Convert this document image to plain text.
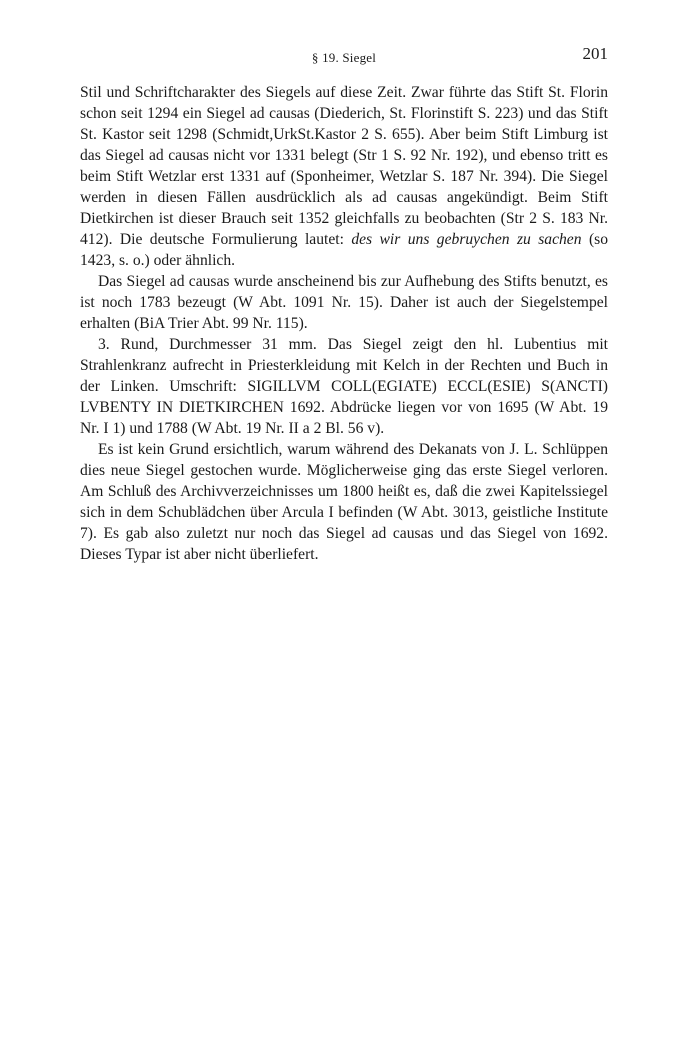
§ 19. Siegel	201

Stil und Schriftcharakter des Siegels auf diese Zeit. Zwar führte das Stift St. Florin schon seit 1294 ein Siegel ad causas (Diederich, St. Florinstift S. 223) und das Stift St. Kastor seit 1298 (Schmidt,UrkSt.Kastor 2 S. 655). Aber beim Stift Limburg ist das Siegel ad causas nicht vor 1331 belegt (Str 1 S. 92 Nr. 192), und ebenso tritt es beim Stift Wetzlar erst 1331 auf (Sponheimer, Wetzlar S. 187 Nr. 394). Die Siegel werden in diesen Fällen ausdrücklich als ad causas angekündigt. Beim Stift Dietkirchen ist dieser Brauch seit 1352 gleichfalls zu beobachten (Str 2 S. 183 Nr. 412). Die deutsche Formulierung lautet: des wir uns gebruychen zu sachen (so 1423, s. o.) oder ähnlich.

Das Siegel ad causas wurde anscheinend bis zur Aufhebung des Stifts benutzt, es ist noch 1783 bezeugt (W Abt. 1091 Nr. 15). Daher ist auch der Siegelstempel erhalten (BiA Trier Abt. 99 Nr. 115).

3. Rund, Durchmesser 31 mm. Das Siegel zeigt den hl. Lubentius mit Strahlenkranz aufrecht in Priesterkleidung mit Kelch in der Rechten und Buch in der Linken. Umschrift: SIGILLVM COLL(EGIATE) ECCL(ESIE) S(ANCTI) LVBENTY IN DIETKIRCHEN 1692. Abdrücke liegen vor von 1695 (W Abt. 19 Nr. I 1) und 1788 (W Abt. 19 Nr. II a 2 Bl. 56 v).

Es ist kein Grund ersichtlich, warum während des Dekanats von J. L. Schlüppen dies neue Siegel gestochen wurde. Möglicherweise ging das erste Siegel verloren. Am Schluß des Archivverzeichnisses um 1800 heißt es, daß die zwei Kapitelssiegel sich in dem Schublädchen über Arcula I befinden (W Abt. 3013, geistliche Institute 7). Es gab also zuletzt nur noch das Siegel ad causas und das Siegel von 1692. Dieses Typar ist aber nicht überliefert.
